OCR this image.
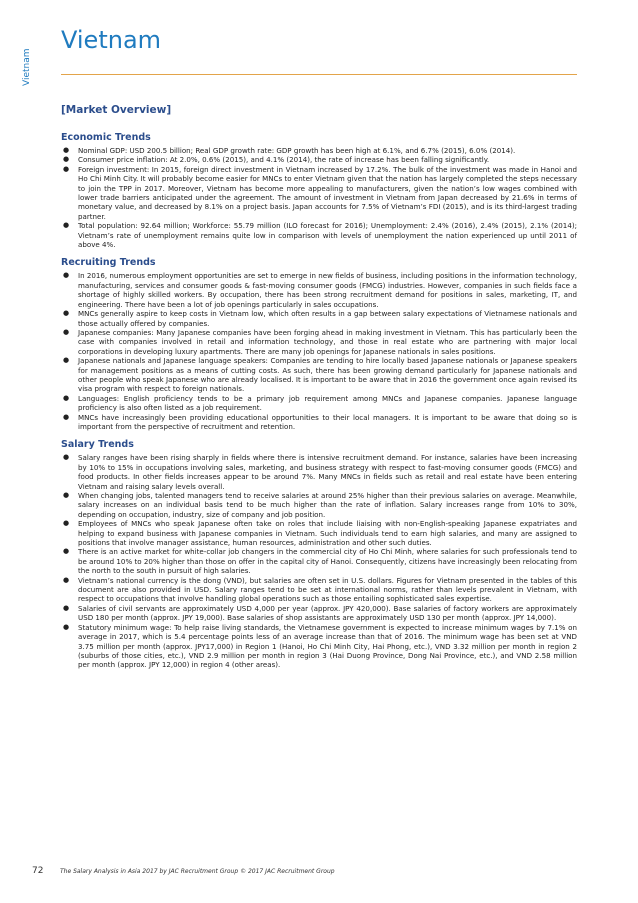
Vietnam
Vietnam
[Market Overview]
Economic Trends
● Nominal GDP: USD 200.5 billion; Real GDP growth rate: GDP growth has been high at 6.1%, and 6.7% (2015), 6.0% (2014).
● Consumer price inflation: At 2.0%, 0.6% (2015), and 4.1% (2014), the rate of increase has been falling significantly.
● Foreign investment: In 2015, foreign direct investment in Vietnam increased by 17.2%. The bulk of the investment was made in Hanoi and Ho Chi Minh City. It will probably become easier for MNCs to enter Vietnam given that the nation has largely completed the steps necessary to join the TPP in 2017. Moreover, Vietnam has become more appealing to manufacturers, given the nation’s low wages combined with lower trade barriers anticipated under the agreement. The amount of investment in Vietnam from Japan decreased by 21.6% in terms of monetary value, and decreased by 8.1% on a project basis. Japan accounts for 7.5% of Vietnam’s FDI (2015), and is its third-largest trading partner.
● Total population: 92.64 million; Workforce: 55.79 million (ILO forecast for 2016); Unemployment: 2.4% (2016), 2.4% (2015), 2.1% (2014); Vietnam’s rate of unemployment remains quite low in comparison with levels of unemployment the nation experienced up until 2011 of above 4%.
Recruiting Trends
● In 2016, numerous employment opportunities are set to emerge in new fields of business, including positions in the information technology, manufacturing, services and consumer goods & fast-moving consumer goods (FMCG) industries. However, companies in such fields face a shortage of highly skilled workers. By occupation, there has been strong recruitment demand for positions in sales, marketing, IT, and engineering. There have been a lot of job openings particularly in sales occupations.
● MNCs generally aspire to keep costs in Vietnam low, which often results in a gap between salary expectations of Vietnamese nationals and those actually offered by companies.
● Japanese companies: Many Japanese companies have been forging ahead in making investment in Vietnam. This has particularly been the case with companies involved in retail and information technology, and those in real estate who are partnering with major local corporations in developing luxury apartments. There are many job openings for Japanese nationals in sales positions.
● Japanese nationals and Japanese language speakers: Companies are tending to hire locally based Japanese nationals or Japanese speakers for management positions as a means of cutting costs. As such, there has been growing demand particularly for Japanese nationals and other people who speak Japanese who are already localised. It is important to be aware that in 2016 the government once again revised its visa program with respect to foreign nationals.
● Languages: English proficiency tends to be a primary job requirement among MNCs and Japanese companies. Japanese language proficiency is also often listed as a job requirement.
● MNCs have increasingly been providing educational opportunities to their local managers. It is important to be aware that doing so is important from the perspective of recruitment and retention.
Salary Trends
● Salary ranges have been rising sharply in fields where there is intensive recruitment demand. For instance, salaries have been increasing by 10% to 15% in occupations involving sales, marketing, and business strategy with respect to fast-moving consumer goods (FMCG) and food products. In other fields increases appear to be around 7%. Many MNCs in fields such as retail and real estate have been entering Vietnam and raising salary levels overall.
● When changing jobs, talented managers tend to receive salaries at around 25% higher than their previous salaries on average. Meanwhile, salary increases on an individual basis tend to be much higher than the rate of inflation. Salary increases range from 10% to 30%, depending on occupation, industry, size of company and job position.
● Employees of MNCs who speak Japanese often take on roles that include liaising with non-English-speaking Japanese expatriates and helping to expand business with Japanese companies in Vietnam. Such individuals tend to earn high salaries, and many are assigned to positions that involve manager assistance, human resources, administration and other such duties.
● There is an active market for white-collar job changers in the commercial city of Ho Chi Minh, where salaries for such professionals tend to be around 10% to 20% higher than those on offer in the capital city of Hanoi. Consequently, citizens have increasingly been relocating from the north to the south in pursuit of high salaries.
● Vietnam’s national currency is the dong (VND), but salaries are often set in U.S. dollars. Figures for Vietnam presented in the tables of this document are also provided in USD. Salary ranges tend to be set at international norms, rather than levels prevalent in Vietnam, with respect to occupations that involve handling global operations such as those entailing sophisticated sales expertise.
● Salaries of civil servants are approximately USD 4,000 per year (approx. JPY 420,000). Base salaries of factory workers are approximately USD 180 per month (approx. JPY 19,000). Base salaries of shop assistants are approximately USD 130 per month (approx. JPY 14,000).
● Statutory minimum wage: To help raise living standards, the Vietnamese government is expected to increase minimum wages by 7.1% on average in 2017, which is 5.4 percentage points less of an average increase than that of 2016. The minimum wage has been set at VND 3.75 million per month (approx. JPY17,000) in Region 1 (Hanoi, Ho Chi Minh City, Hai Phong, etc.), VND 3.32 million per month in region 2 (suburbs of those cities, etc.), VND 2.9 million per month in region 3 (Hai Duong Province, Dong Nai Province, etc.), and VND 2.58 million per month (approx. JPY 12,000) in region 4 (other areas).
72	The Salary Analysis in Asia 2017 by JAC Recruitment Group © 2017 JAC Recruitment Group
